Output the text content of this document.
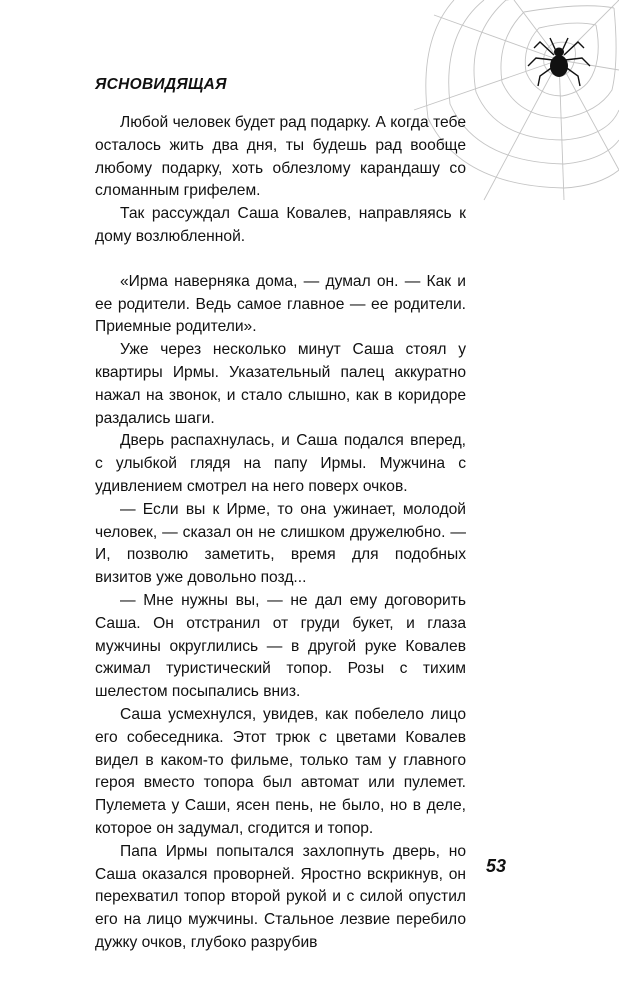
ЯСНОВИДЯЩАЯ

Любой человек будет рад подарку. А когда тебе осталось жить два дня, ты будешь рад вообще любому подарку, хоть облезлому карандашу со сломанным грифелем.

Так рассуждал Саша Ковалев, направляясь к дому возлюбленной.

«Ирма наверняка дома, — думал он. — Как и ее родители. Ведь самое главное — ее родители. Приемные родители».

Уже через несколько минут Саша стоял у квартиры Ирмы. Указательный палец аккуратно нажал на звонок, и стало слышно, как в коридоре раздались шаги.

Дверь распахнулась, и Саша подался вперед, с улыбкой глядя на папу Ирмы. Мужчина с удивлением смотрел на него поверх очков.

— Если вы к Ирме, то она ужинает, молодой человек, — сказал он не слишком дружелюбно. — И, позволю заметить, время для подобных визитов уже довольно позд...

— Мне нужны вы, — не дал ему договорить Саша. Он отстранил от груди букет, и глаза мужчины округлились — в другой руке Ковалев сжимал туристический топор. Розы с тихим шелестом посыпались вниз.

Саша усмехнулся, увидев, как побелело лицо его собеседника. Этот трюк с цветами Ковалев видел в каком-то фильме, только там у главного героя вместо топора был автомат или пулемет. Пулемета у Саши, ясен пень, не было, но в деле, которое он задумал, сгодится и топор.

Папа Ирмы попытался захлопнуть дверь, но Саша оказался проворней. Яростно вскрикнув, он перехватил топор второй рукой и с силой опустил его на лицо мужчины. Стальное лезвие перебило дужку очков, глубоко разрубив

53
